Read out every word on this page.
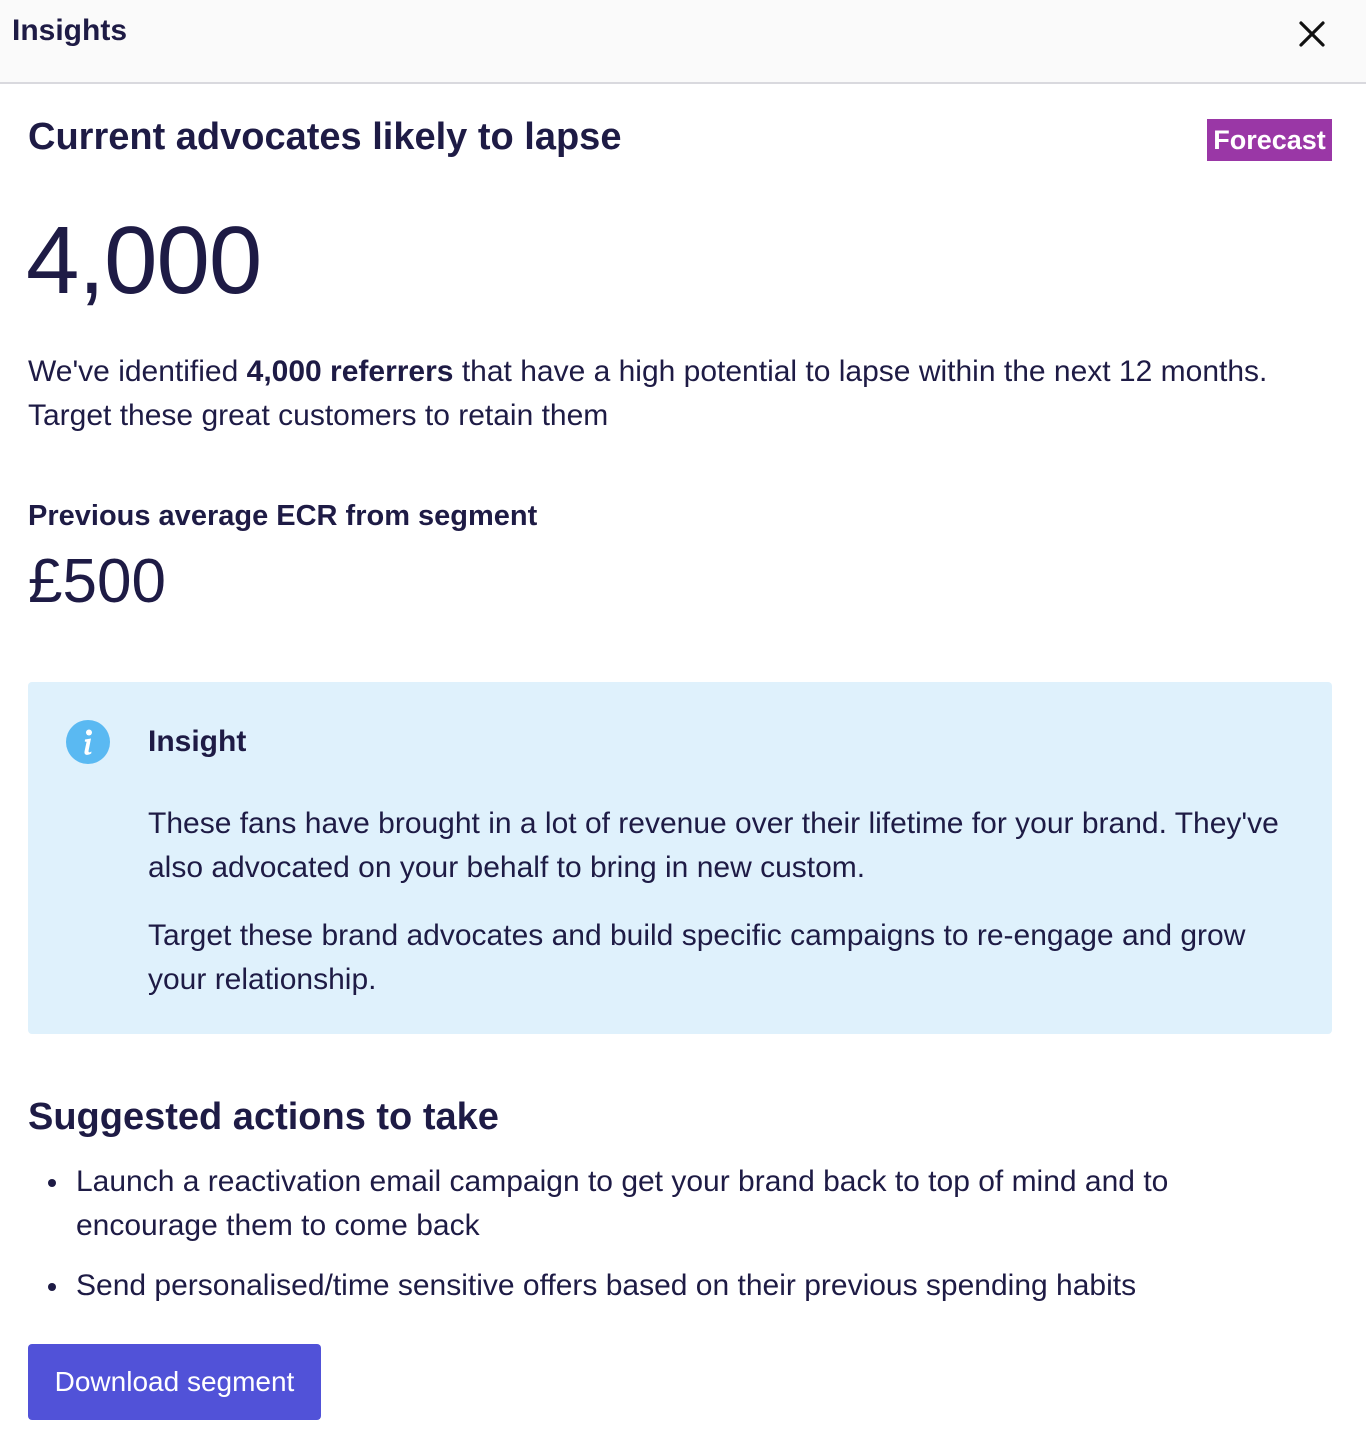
Insights
Current advocates likely to lapse	Forecast
4,000

We've identified 4,000 referrers that have a high potential to lapse within the next 12 months. Target these great customers to retain them

Previous average ECR from segment
£500
Insight

These fans have brought in a lot of revenue over their lifetime for your brand. They've also advocated on your behalf to bring in new custom.

Target these brand advocates and build specific campaigns to re-engage and grow your relationship.

Suggested actions to take
Launch a reactivation email campaign to get your brand back to top of mind and to encourage them to come back
Send personalised/time sensitive offers based on their previous spending habits
Download segment
